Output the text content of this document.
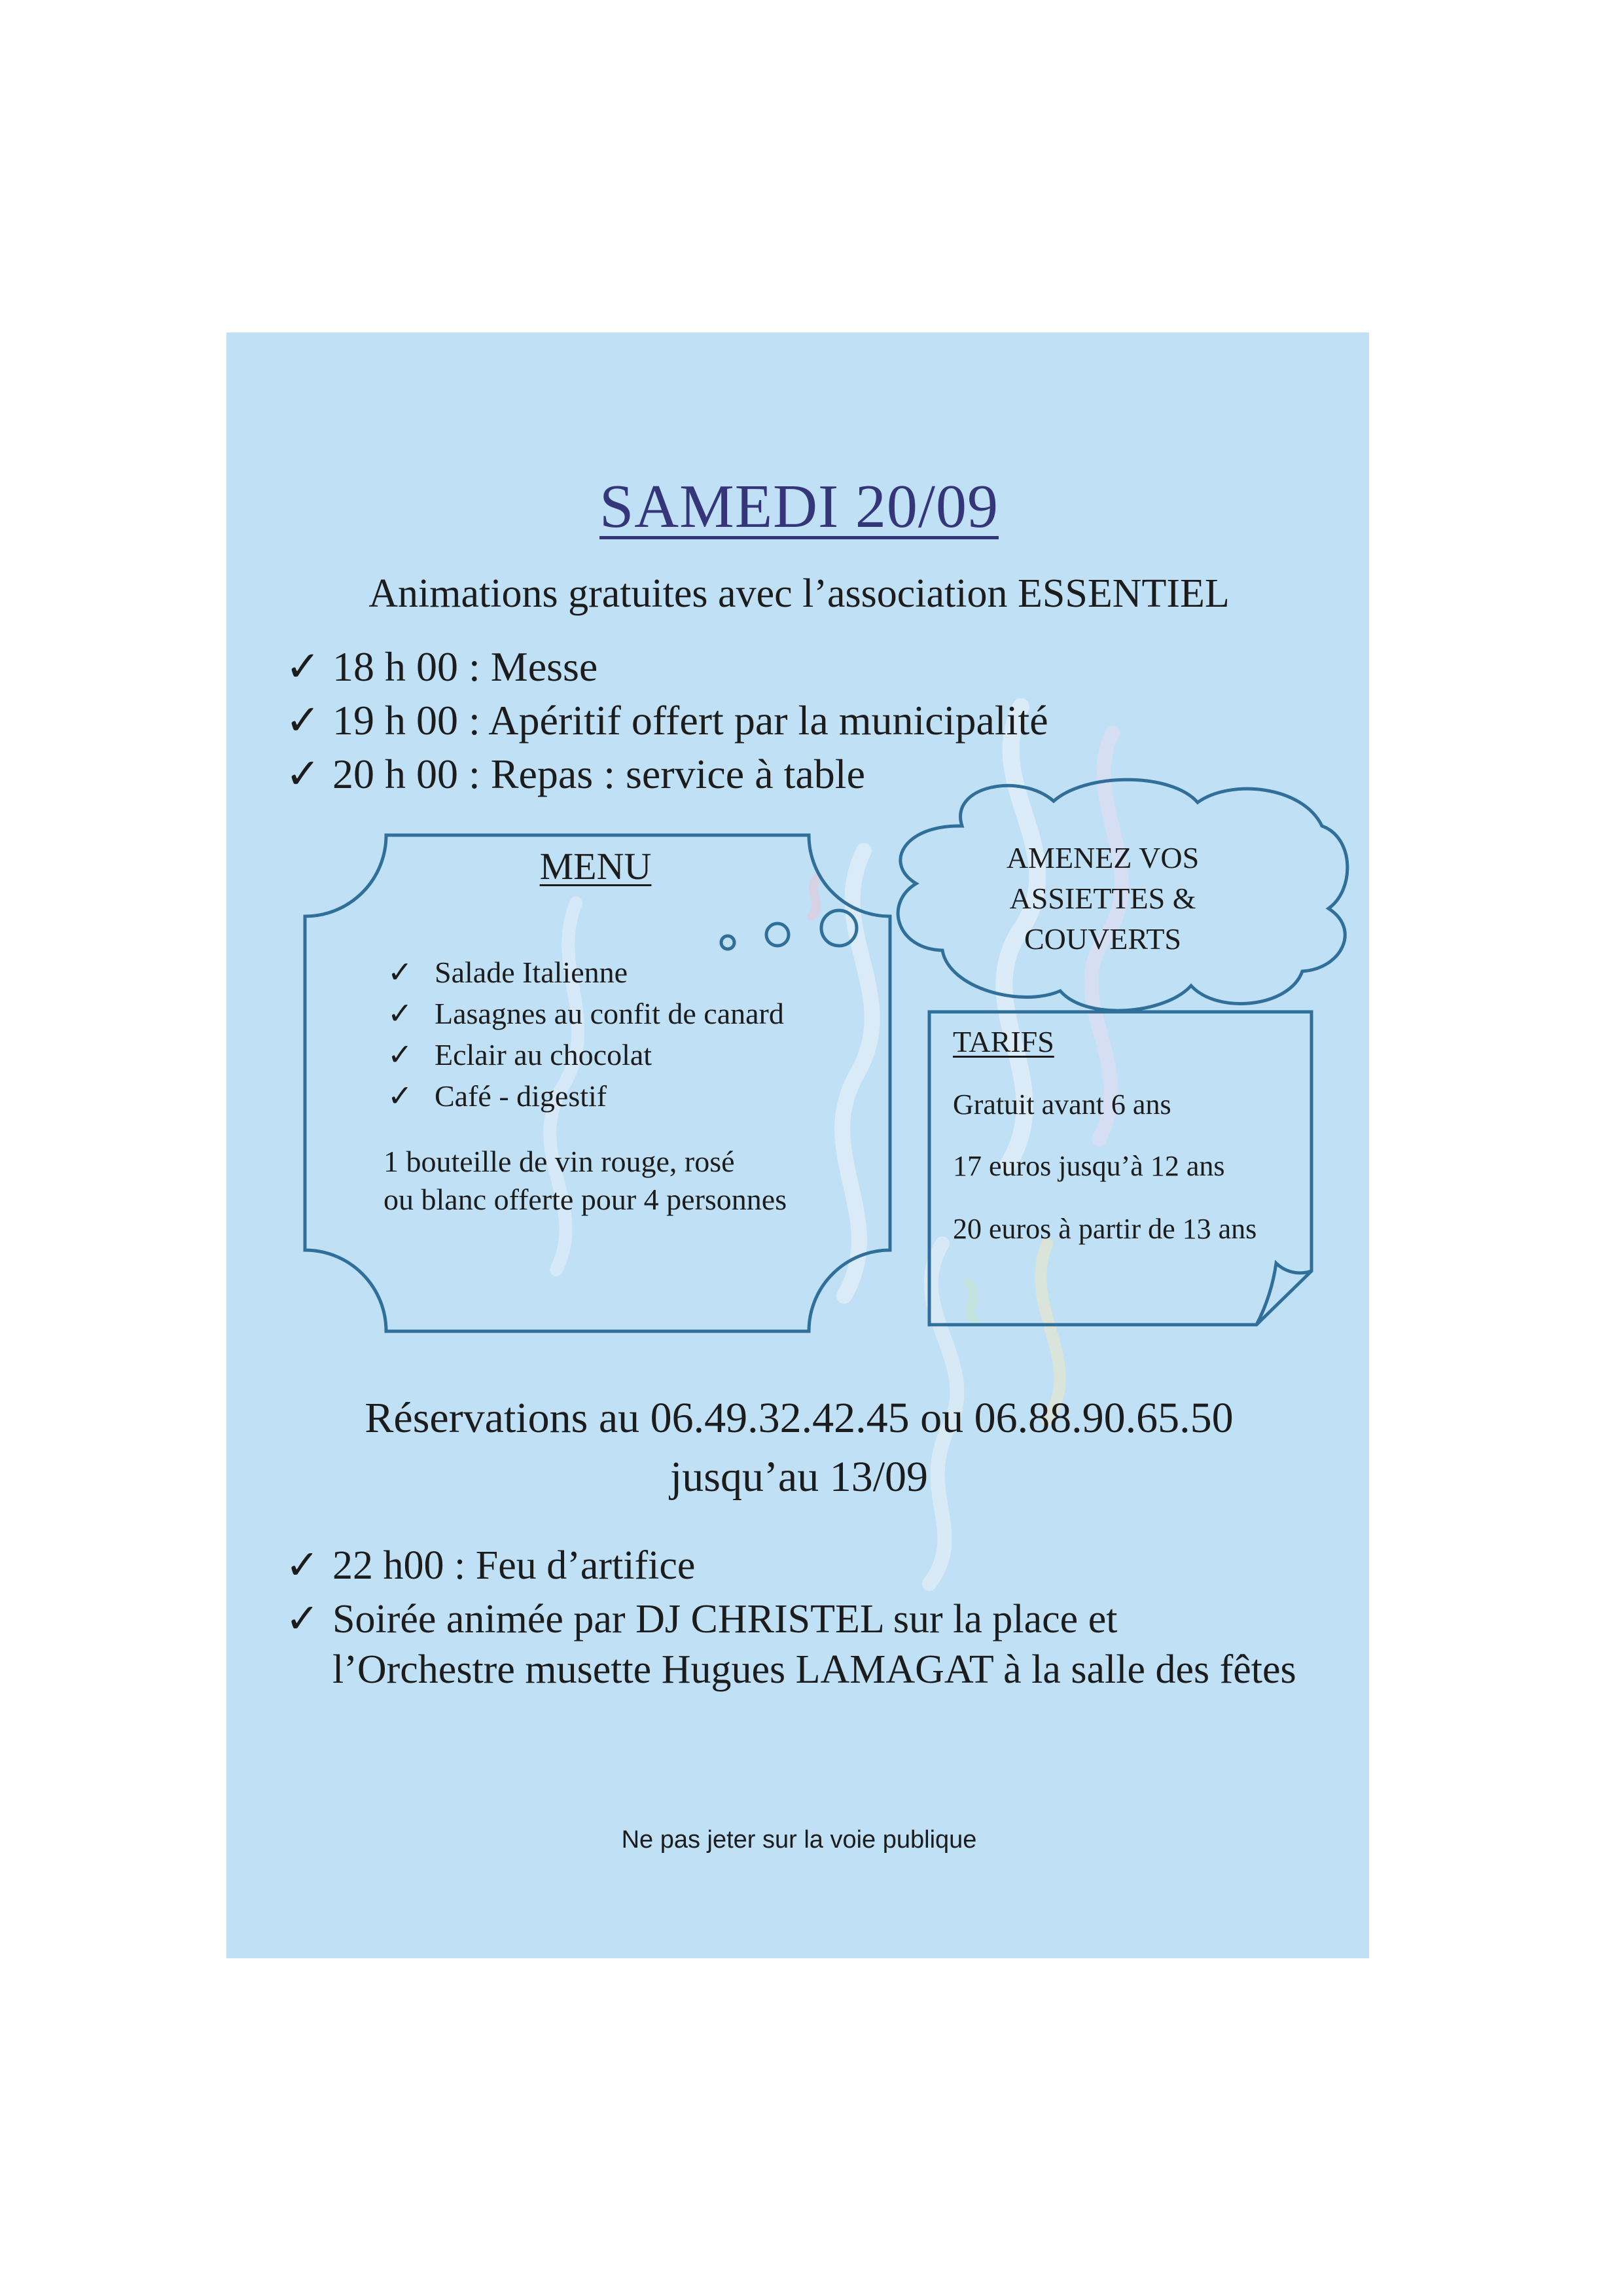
SAMEDI 20/09
Animations gratuites avec l’association ESSENTIEL
✓ 18 h 00 : Messe
✓ 19 h 00 : Apéritif offert par la municipalité
✓ 20 h 00 : Repas : service à table
MENU
✓ Salade Italienne
✓ Lasagnes au confit de canard
✓ Eclair au chocolat
✓ Café - digestif
1 bouteille de vin rouge, rosé
ou blanc offerte pour 4 personnes
AMENEZ VOS
ASSIETTES &
COUVERTS
TARIFS
Gratuit avant 6 ans
17 euros jusqu’à 12 ans
20 euros à partir de 13 ans
Réservations au 06.49.32.42.45 ou 06.88.90.65.50
jusqu’au 13/09
✓ 22 h00 : Feu d’artifice
✓ Soirée animée par DJ CHRISTEL sur la place et
l’Orchestre musette Hugues LAMAGAT à la salle des fêtes
Ne pas jeter sur la voie publique
